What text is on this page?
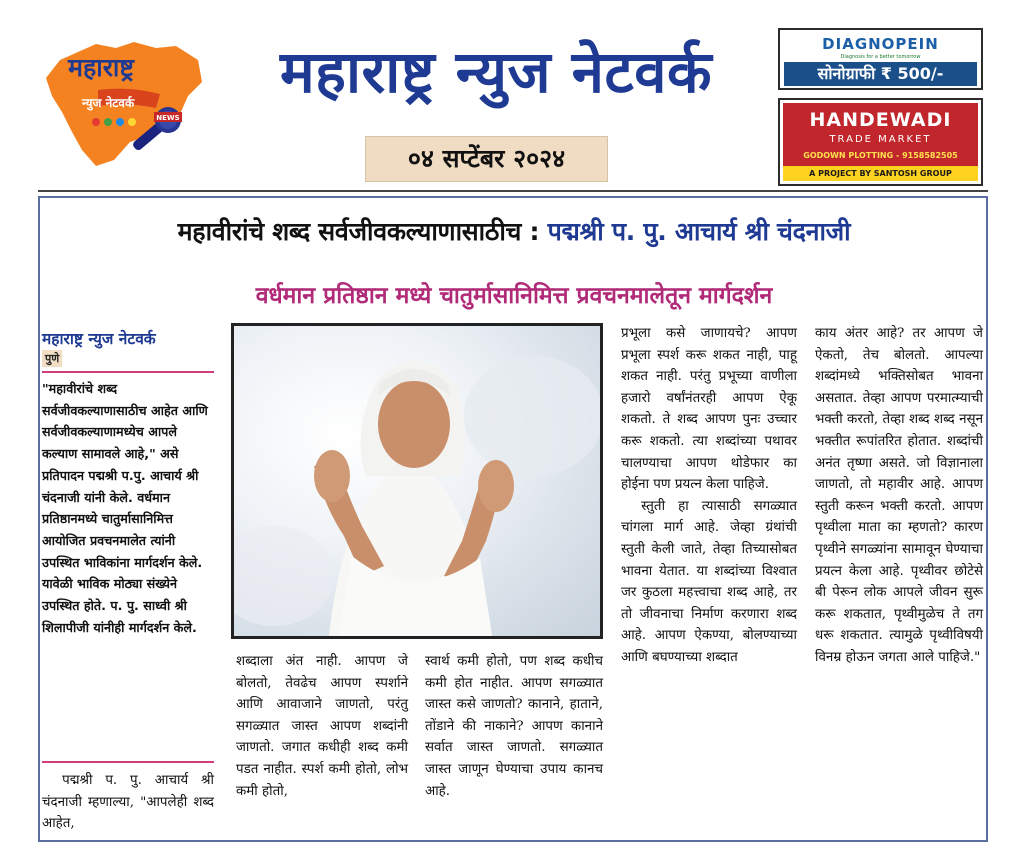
NEWS
महाराष्ट्र
न्युज नेटवर्क	महाराष्ट्र न्युज नेटवर्क
०४ सप्टेंबर २०२४
DIAGNOPEIN
Diagnosis for a better tomorrow
सोनोग्राफी ₹ 500/-
HANDEWADI
TRADE MARKET
GODOWN PLOTTING - 9158582505
A PROJECT BY SANTOSH GROUP
महावीरांचे शब्द सर्वजीवकल्याणासाठीच : पद्मश्री प. पु. आचार्य श्री चंदनाजी
वर्धमान प्रतिष्ठान मध्ये चातुर्मासानिमित्त प्रवचनमालेतून मार्गदर्शन
महाराष्ट्र न्युज नेटवर्क
पुणे
"महावीरांचे शब्द सर्वजीवकल्याणासाठीच आहेत आणि सर्वजीवकल्याणामध्येच आपले कल्याण सामावले आहे," असे प्रतिपादन पद्मश्री प.पु. आचार्य श्री चंदनाजी यांनी केले. वर्धमान प्रतिष्ठानमध्ये चातुर्मासानिमित्त आयोजित प्रवचनमालेत त्यांनी उपस्थित भाविकांना मार्गदर्शन केले. यावेळी भाविक मोठ्या संख्येने उपस्थित होते. प. पु. साध्वी श्री शिलापीजी यांनीही मार्गदर्शन केले.

पद्मश्री प. पु. आचार्य श्री चंदनाजी म्हणाल्या, "आपलेही शब्द आहेत,

शब्दाला अंत नाही. आपण जे बोलतो, तेवढेच आपण स्पर्शाने आणि आवाजाने जाणतो, परंतु सगळ्यात जास्त आपण शब्दांनी जाणतो. जगात कधीही शब्द कमी पडत नाहीत. स्पर्श कमी होतो, लोभ कमी होतो,

स्वार्थ कमी होतो, पण शब्द कधीच कमी होत नाहीत. आपण सगळ्यात जास्त कसे जाणतो? कानाने, हाताने, तोंडाने की नाकाने? आपण कानाने सर्वात जास्त जाणतो. सगळ्यात जास्त जाणून घेण्याचा उपाय कानच आहे.

प्रभूला कसे जाणायचे? आपण प्रभूला स्पर्श करू शकत नाही, पाहू शकत नाही. परंतु प्रभूच्या वाणीला हजारो वर्षांनंतरही आपण ऐकू शकतो. ते शब्द आपण पुनः उच्चार करू शकतो. त्या शब्दांच्या पथावर चालण्याचा आपण थोडेफार का होईना पण प्रयत्न केला पाहिजे.

स्तुती हा त्यासाठी सगळ्यात चांगला मार्ग आहे. जेव्हा ग्रंथांची स्तुती केली जाते, तेव्हा तिच्यासोबत भावना येतात. या शब्दांच्या विश्वात जर कुठला महत्त्वाचा शब्द आहे, तर तो जीवनाचा निर्माण करणारा शब्द आहे. आपण ऐकण्या, बोलण्याच्या आणि बघण्याच्या शब्दात

काय अंतर आहे? तर आपण जे ऐकतो, तेच बोलतो. आपल्या शब्दांमध्ये भक्तिसोबत भावना असतात. तेव्हा आपण परमात्म्याची भक्ती करतो, तेव्हा शब्द शब्द नसून भक्तीत रूपांतरित होतात. शब्दांची अनंत तृष्णा असते. जो विज्ञानाला जाणतो, तो महावीर आहे. आपण स्तुती करून भक्ती करतो. आपण पृथ्वीला माता का म्हणतो? कारण पृथ्वीने सगळ्यांना सामावून घेण्याचा प्रयत्न केला आहे. पृथ्वीवर छोटेसे बी पेरून लोक आपले जीवन सुरू करू शकतात, पृथ्वीमुळेच ते तग धरू शकतात. त्यामुळे पृथ्वीविषयी विनम्र होऊन जगता आले पाहिजे."
